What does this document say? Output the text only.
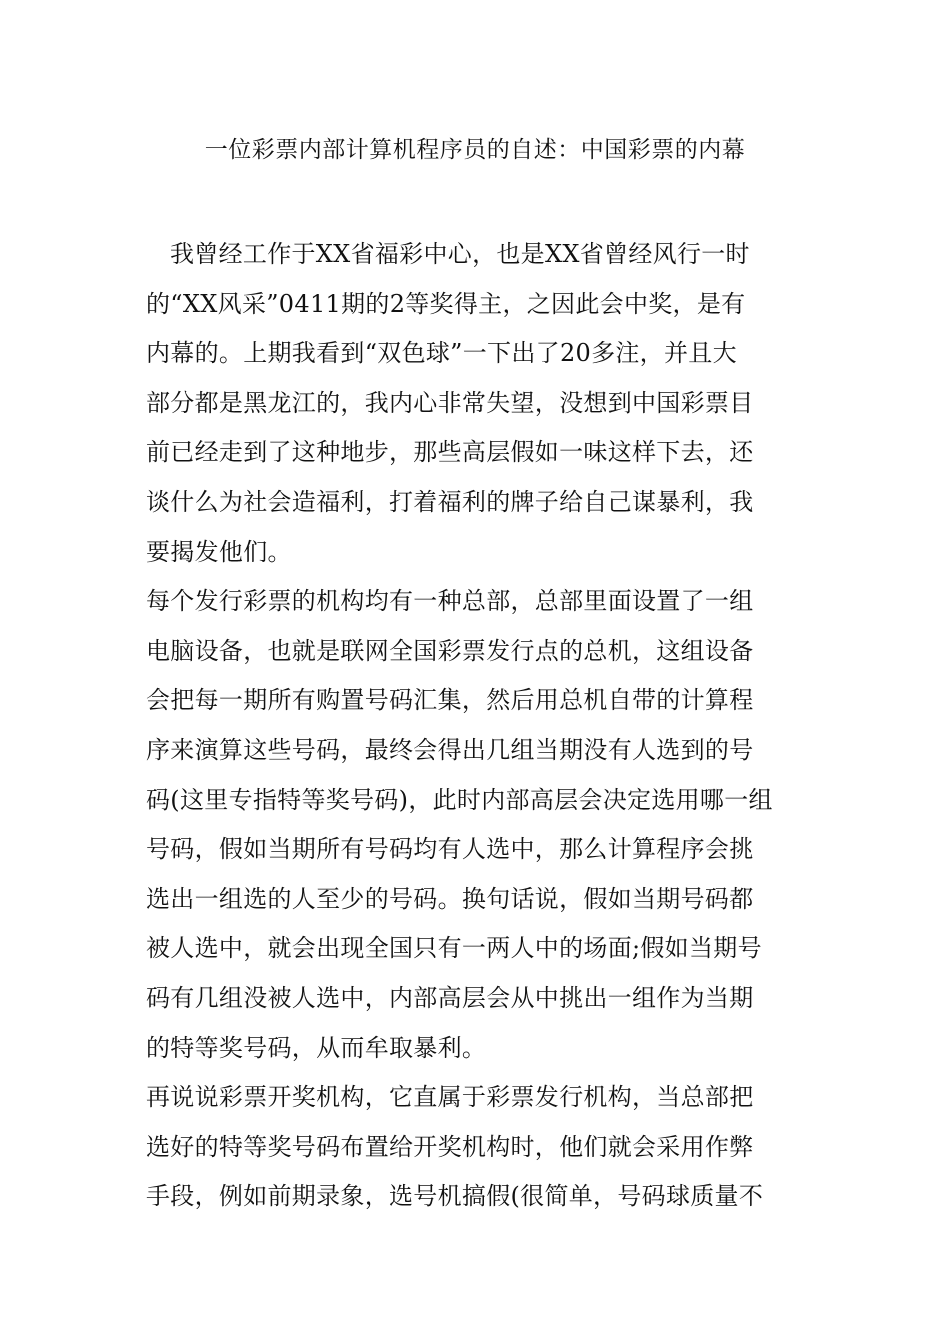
一位彩票内部计算机程序员的自述：中国彩票的内幕
我曾经工作于XX省福彩中心，也是XX省曾经风行一时
的“XX风采”0411期的2等奖得主，之因此会中奖，是有
内幕的。上期我看到“双色球”一下出了20多注，并且大
部分都是黑龙江的，我内心非常失望，没想到中国彩票目
前已经走到了这种地步，那些高层假如一味这样下去，还
谈什么为社会造福利，打着福利的牌子给自己谋暴利，我
要揭发他们。
每个发行彩票的机构均有一种总部，总部里面设置了一组
电脑设备，也就是联网全国彩票发行点的总机，这组设备
会把每一期所有购置号码汇集，然后用总机自带的计算程
序来演算这些号码，最终会得出几组当期没有人选到的号
码(这里专指特等奖号码)，此时内部高层会决定选用哪一组
号码，假如当期所有号码均有人选中，那么计算程序会挑
选出一组选的人至少的号码。换句话说，假如当期号码都
被人选中，就会出现全国只有一两人中的场面;假如当期号
码有几组没被人选中，内部高层会从中挑出一组作为当期
的特等奖号码，从而牟取暴利。
再说说彩票开奖机构，它直属于彩票发行机构，当总部把
选好的特等奖号码布置给开奖机构时，他们就会采用作弊
手段，例如前期录象，选号机搞假(很简单，号码球质量不
